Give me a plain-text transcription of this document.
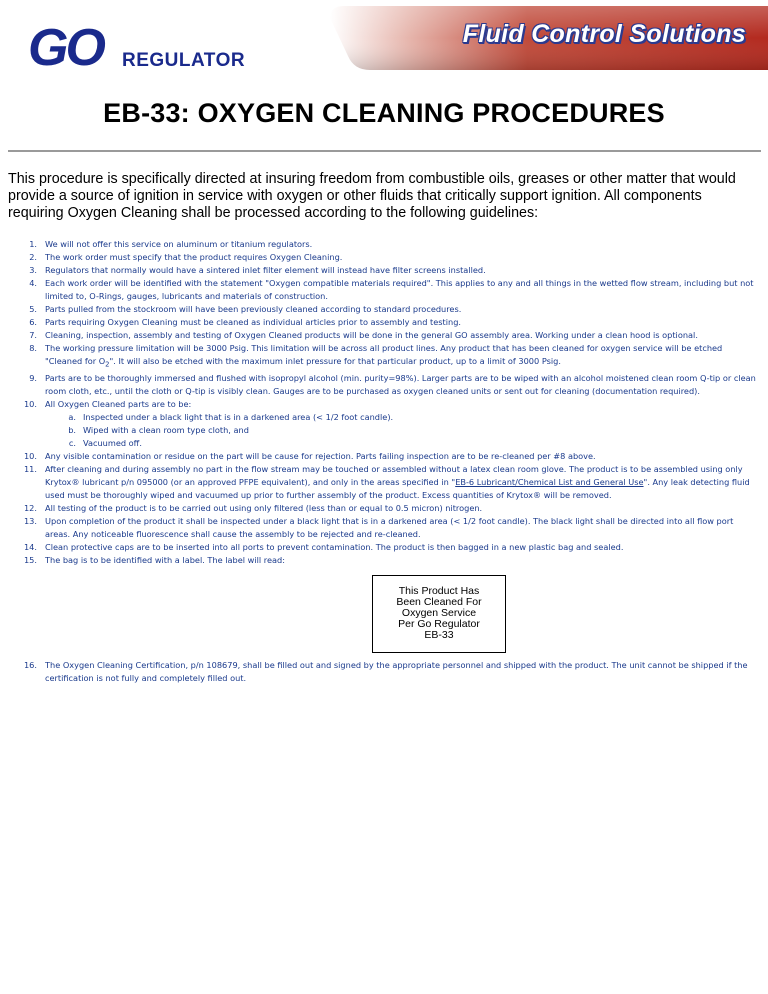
GO REGULATOR
Fluid Control Solutions
EB-33: OXYGEN CLEANING PROCEDURES
This procedure is specifically directed at insuring freedom from combustible oils, greases or other matter that would provide a source of ignition in service with oxygen or other fluids that critically support ignition. All components requiring Oxygen Cleaning shall be processed according to the following guidelines:
1. We will not offer this service on aluminum or titanium regulators.
2. The work order must specify that the product requires Oxygen Cleaning.
3. Regulators that normally would have a sintered inlet filter element will instead have filter screens installed.
4. Each work order will be identified with the statement "Oxygen compatible materials required". This applies to any and all things in the wetted flow stream, including but not limited to, O-Rings, gauges, lubricants and materials of construction.
5. Parts pulled from the stockroom will have been previously cleaned according to standard procedures.
6. Parts requiring Oxygen Cleaning must be cleaned as individual articles prior to assembly and testing.
7. Cleaning, inspection, assembly and testing of Oxygen Cleaned products will be done in the general GO assembly area. Working under a clean hood is optional.
8. The working pressure limitation will be 3000 Psig. This limitation will be across all product lines. Any product that has been cleaned for oxygen service will be etched "Cleaned for $O_2$". It will also be etched with the maximum inlet pressure for that particular product, up to a limit of 3000 Psig.
9. Parts are to be thoroughly immersed and flushed with isopropyl alcohol (min. purity=98%). Larger parts are to be wiped with an alcohol moistened clean room Q-tip or clean room cloth, etc., until the cloth or Q-tip is visibly clean. Gauges are to be purchased as oxygen cleaned units or sent out for cleaning (documentation required).
10. All Oxygen Cleaned parts are to be:
a. Inspected under a black light that is in a darkened area (< 1/2 foot candle).
b. Wiped with a clean room type cloth, and
c. Vacuumed off.
10. Any visible contamination or residue on the part will be cause for rejection. Parts failing inspection are to be re-cleaned per #8 above.
11. After cleaning and during assembly no part in the flow stream may be touched or assembled without a latex clean room glove. The product is to be assembled using only Krytox® lubricant p/n 095000 (or an approved PFPE equivalent), and only in the areas specified in "EB-6 Lubricant/Chemical List and General Use". Any leak detecting fluid used must be thoroughly wiped and vacuumed up prior to further assembly of the product. Excess quantities of Krytox® will be removed.
12. All testing of the product is to be carried out using only filtered (less than or equal to 0.5 micron) nitrogen.
13. Upon completion of the product it shall be inspected under a black light that is in a darkened area (< 1/2 foot candle). The black light shall be directed into all flow port areas. Any noticeable fluorescence shall cause the assembly to be rejected and re-cleaned.
14. Clean protective caps are to be inserted into all ports to prevent contamination. The product is then bagged in a new plastic bag and sealed.
15. The bag is to be identified with a label. The label will read:
This Product Has
Been Cleaned For
Oxygen Service
Per Go Regulator
EB-33
16. The Oxygen Cleaning Certification, p/n 108679, shall be filled out and signed by the appropriate personnel and shipped with the product. The unit cannot be shipped if the certification is not fully and completely filled out.
